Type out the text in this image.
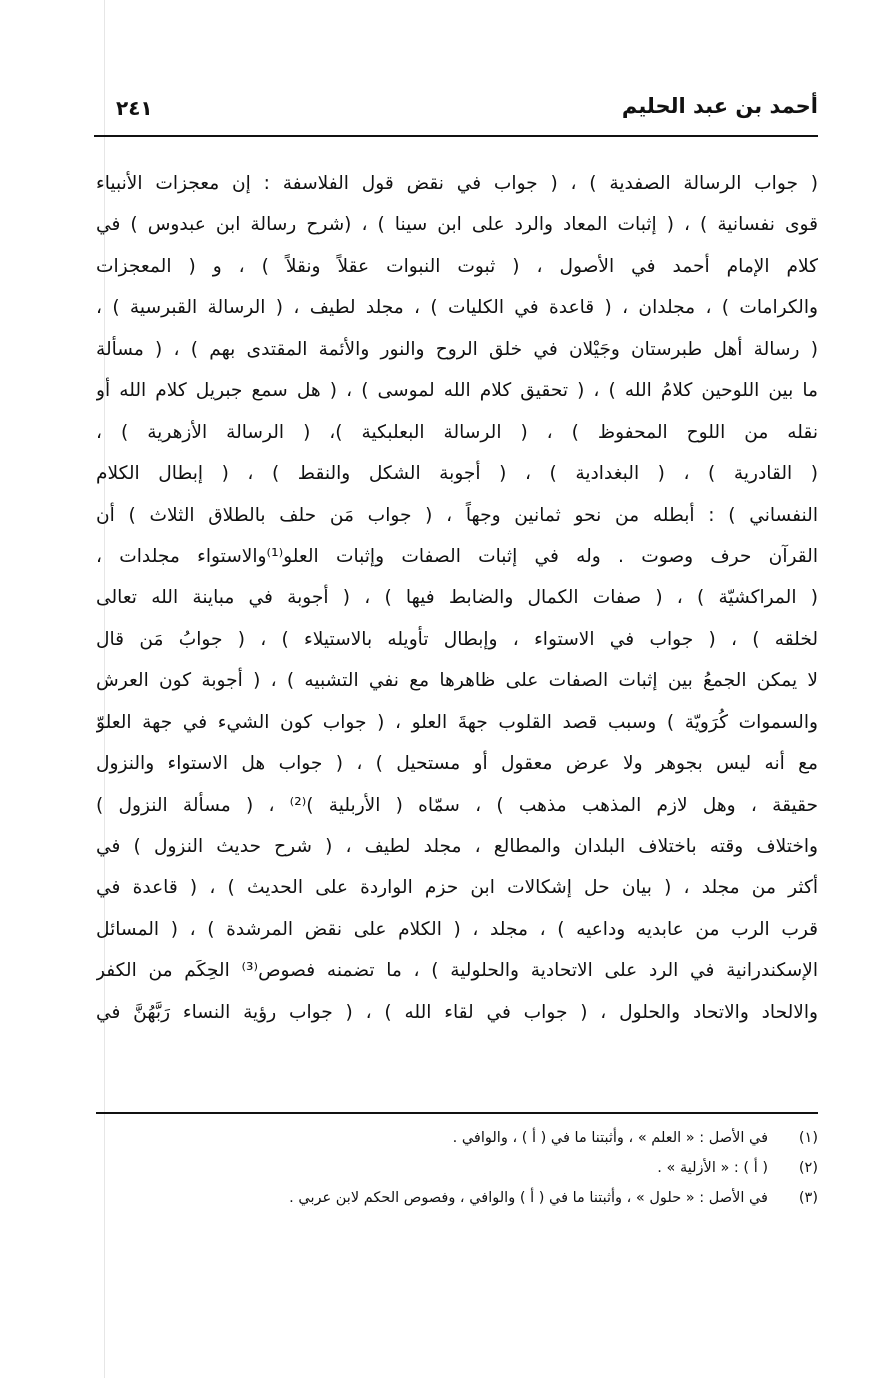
أحمد بن عبد الحليم
٢٤١
( جواب الرسالة الصفدية ) ، ( جواب في نقض قول الفلاسفة : إن معجزات الأنبياء
قوى نفسانية ) ، ( إثبات المعاد والرد على ابن سينا ) ، (شرح رسالة ابن عبدوس ) في
كلام الإمام أحمد في الأصول ، ( ثبوت النبوات عقلاً ونقلاً ) ، و ( المعجزات
والكرامات ) ، مجلدان ، ( قاعدة في الكليات ) ، مجلد لطيف ، ( الرسالة القبرسية ) ،
( رسالة أهل طبرستان وجَيْلان في خلق الروح والنور والأئمة المقتدى بهم ) ، ( مسألة
ما بين اللوحين كلامُ الله ) ، ( تحقيق كلام الله لموسى ) ، ( هل سمع جبريل كلام الله أو
نقله من اللوح المحفوظ ) ، ( الرسالة البعلبكية )، ( الرسالة الأزهرية ) ،
( القادرية ) ، ( البغدادية ) ، ( أجوبة الشكل والنقط ) ، ( إبطال الكلام
النفساني ) : أبطله من نحو ثمانين وجهاً ، ( جواب مَن حلف بالطلاق الثلاث ) أن
القرآن حرف وصوت . وله في إثبات الصفات وإثبات العلو⁽¹⁾والاستواء مجلدات ،
( المراكشيّة ) ، ( صفات الكمال والضابط فيها ) ، ( أجوبة في مباينة الله تعالى
لخلقه ) ، ( جواب في الاستواء ، وإبطال تأويله بالاستيلاء ) ، ( جوابُ مَن قال
لا يمكن الجمعُ بين إثبات الصفات على ظاهرها مع نفي التشبيه ) ، ( أجوبة كون العرش
والسموات كُرَويّة ) وسبب قصد القلوب جهةَ العلو ، ( جواب كون الشيء في جهة العلوّ
مع أنه ليس بجوهر ولا عرض معقول أو مستحيل ) ، ( جواب هل الاستواء والنزول
حقيقة ، وهل لازم المذهب مذهب ) ، سمّاه ( الأربلية )⁽²⁾ ، ( مسألة النزول )
واختلاف وقته باختلاف البلدان والمطالع ، مجلد لطيف ، ( شرح حديث النزول ) في
أكثر من مجلد ، ( بيان حل إشكالات ابن حزم الواردة على الحديث ) ، ( قاعدة في
قرب الرب من عابديه وداعيه ) ، مجلد ، ( الكلام على نقض المرشدة ) ، ( المسائل
الإسكندرانية في الرد على الاتحادية والحلولية ) ، ما تضمنه فصوص⁽³⁾ الحِكَم من الكفر
والالحاد والاتحاد والحلول ، ( جواب في لقاء الله ) ، ( جواب رؤية النساء رَبَّهُنَّ في
(١)
في الأصل : « العلم » ، وأثبتنا ما في ( أ ) ، والوافي .
(٢)
( أ ) : « الأزلية » .
(٣)
في الأصل : « حلول » ، وأثبتنا ما في ( أ ) والوافي ، وفصوص الحكم لابن عربي .
